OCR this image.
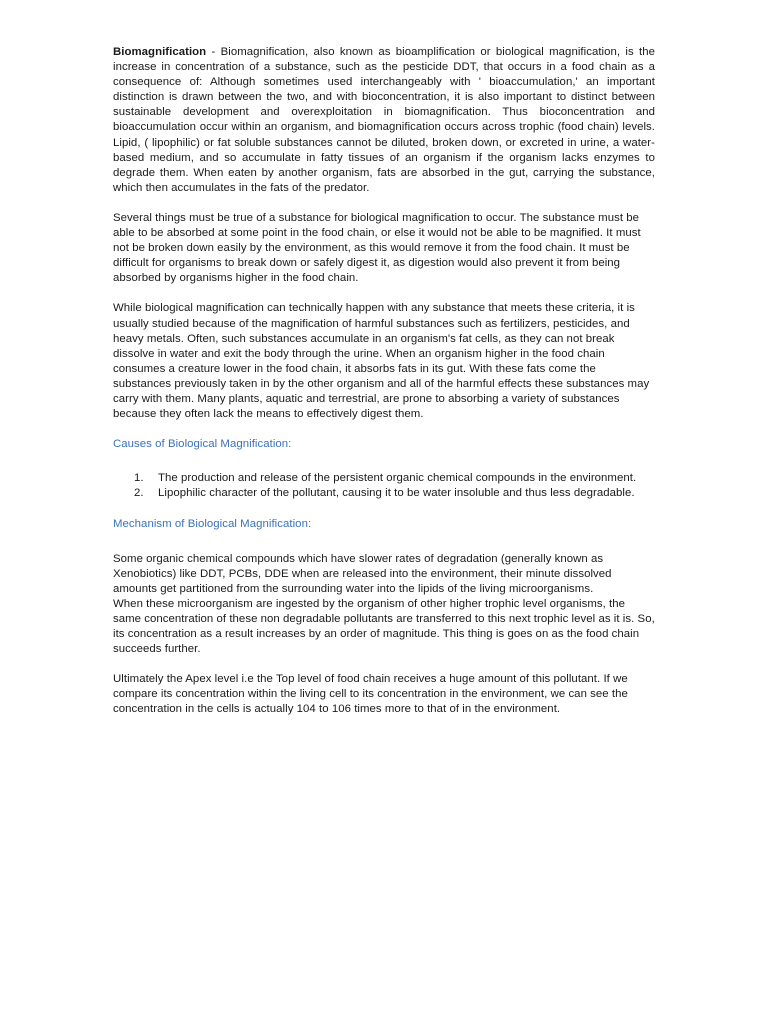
Biomagnification - Biomagnification, also known as bioamplification or biological magnification, is the increase in concentration of a substance, such as the pesticide DDT, that occurs in a food chain as a consequence of: Although sometimes used interchangeably with ' bioaccumulation,' an important distinction is drawn between the two, and with bioconcentration, it is also important to distinct between sustainable development and overexploitation in biomagnification. Thus bioconcentration and bioaccumulation occur within an organism, and biomagnification occurs across trophic (food chain) levels. Lipid, ( lipophilic) or fat soluble substances cannot be diluted, broken down, or excreted in urine, a water-based medium, and so accumulate in fatty tissues of an organism if the organism lacks enzymes to degrade them. When eaten by another organism, fats are absorbed in the gut, carrying the substance, which then accumulates in the fats of the predator.

Several things must be true of a substance for biological magnification to occur. The substance must be able to be absorbed at some point in the food chain, or else it would not be able to be magnified. It must not be broken down easily by the environment, as this would remove it from the food chain. It must be difficult for organisms to break down or safely digest it, as digestion would also prevent it from being absorbed by organisms higher in the food chain.

While biological magnification can technically happen with any substance that meets these criteria, it is usually studied because of the magnification of harmful substances such as fertilizers, pesticides, and heavy metals. Often, such substances accumulate in an organism's fat cells, as they can not break dissolve in water and exit the body through the urine. When an organism higher in the food chain consumes a creature lower in the food chain, it absorbs fats in its gut. With these fats come the substances previously taken in by the other organism and all of the harmful effects these substances may carry with them. Many plants, aquatic and terrestrial, are prone to absorbing a variety of substances because they often lack the means to effectively digest them.

Causes of Biological Magnification:
1. The production and release of the persistent organic chemical compounds in the environment.
2. Lipophilic character of the pollutant, causing it to be water insoluble and thus less degradable.
Mechanism of Biological Magnification:

Some organic chemical compounds which have slower rates of degradation (generally known as Xenobiotics) like DDT, PCBs, DDE when are released into the environment, their minute dissolved amounts get partitioned from the surrounding water into the lipids of the living microorganisms.

When these microorganism are ingested by the organism of other higher trophic level organisms, the same concentration of these non degradable pollutants are transferred to this next trophic level as it is. So, its concentration as a result increases by an order of magnitude. This thing is goes on as the food chain succeeds further.

Ultimately the Apex level i.e the Top level of food chain receives a huge amount of this pollutant. If we compare its concentration within the living cell to its concentration in the environment, we can see the concentration in the cells is actually 104 to 106 times more to that of in the environment.
